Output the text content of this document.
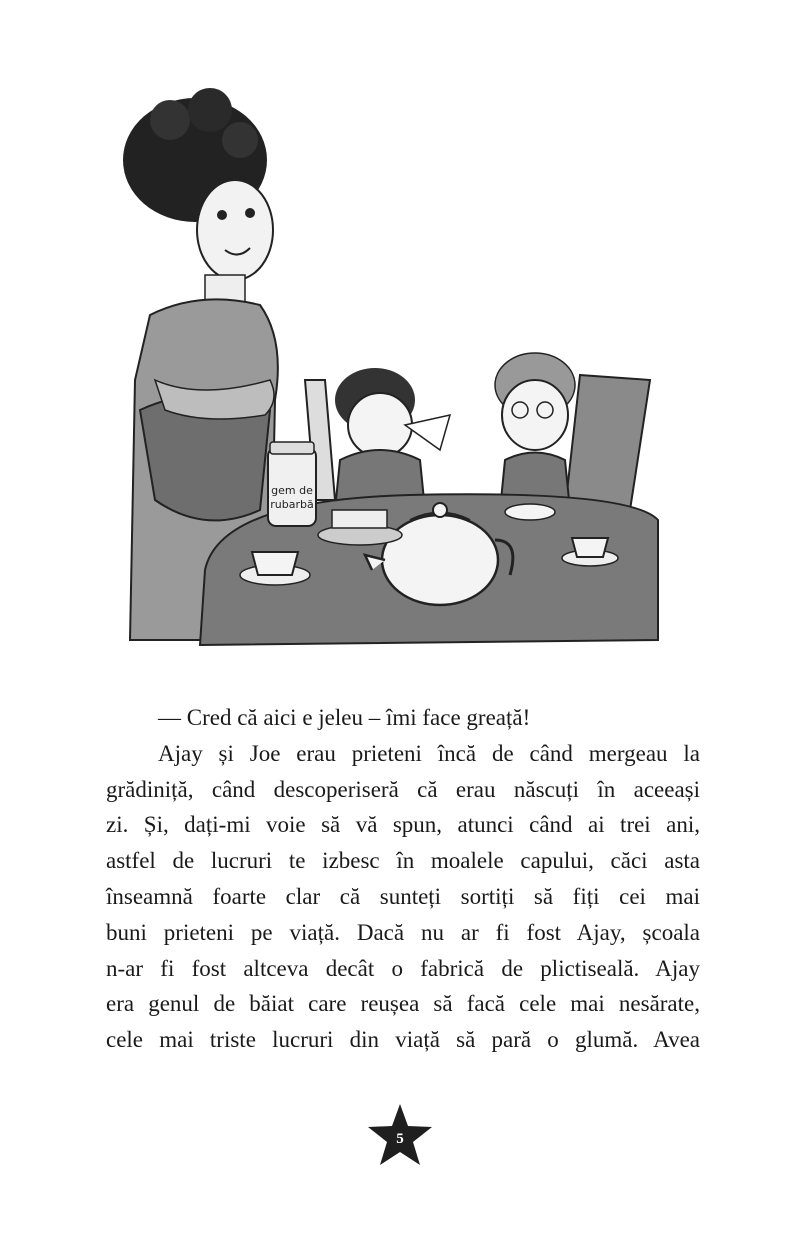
gem de
rubarbă
— Cred că aici e jeleu – îmi face greață!
Ajay și Joe erau prieteni încă de când mergeau la
grădiniță, când descoperiseră că erau născuți în aceeași
zi. Și, dați-mi voie să vă spun, atunci când ai trei ani,
astfel de lucruri te izbesc în moalele capului, căci asta
înseamnă foarte clar că sunteți sortiți să fiți cei mai
buni prieteni pe viață. Dacă nu ar fi fost Ajay, școala
n-ar fi fost altceva decât o fabrică de plictiseală. Ajay
era genul de băiat care reușea să facă cele mai nesărate,
cele mai triste lucruri din viață să pară o glumă. Avea
5
